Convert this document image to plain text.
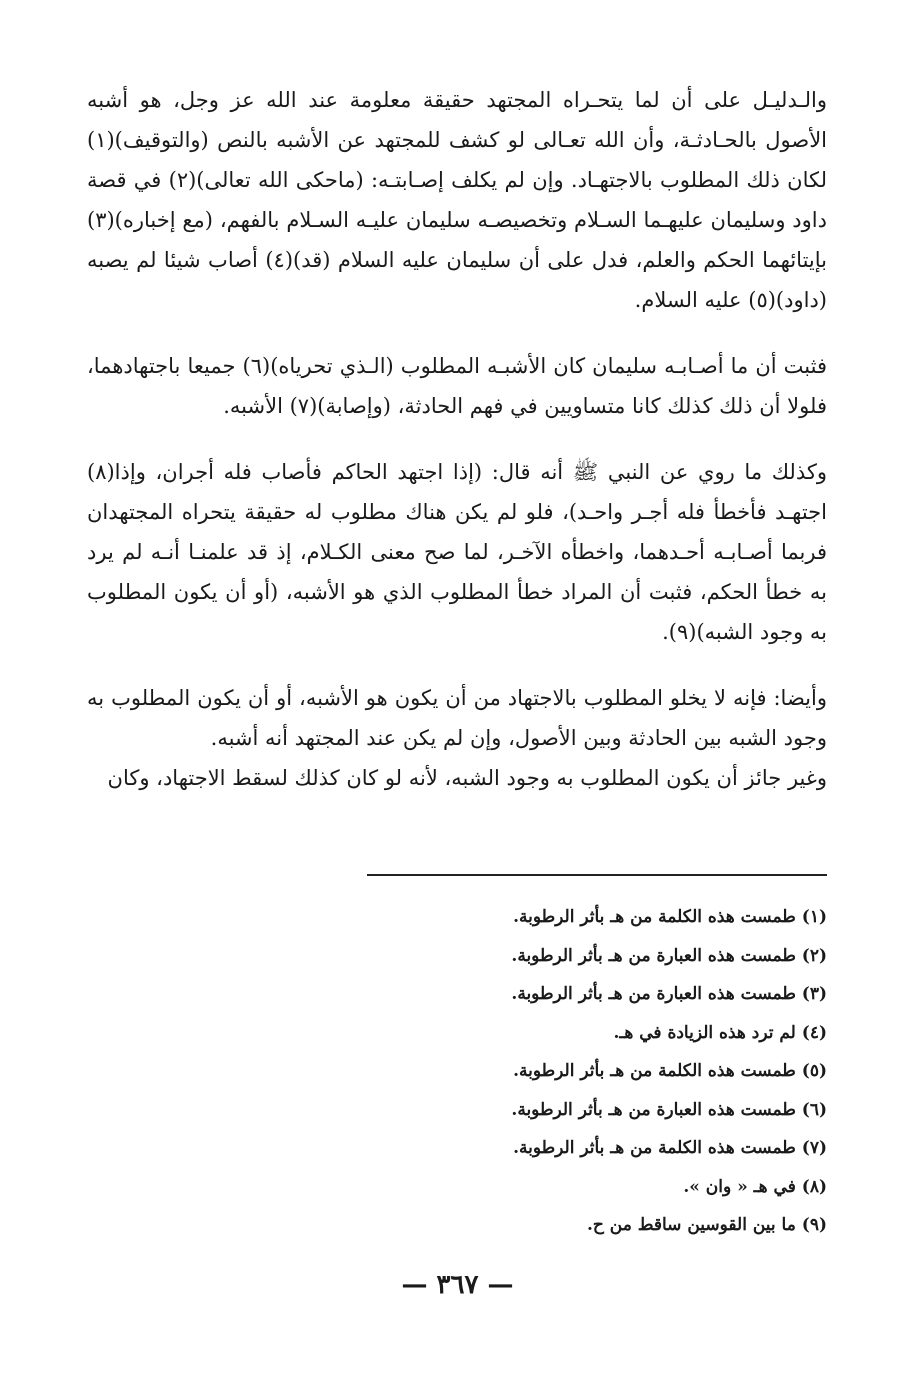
والـدليـل على أن لما يتحـراه المجتهد حقيقة معلومة عند الله عز وجل، هو أشبه الأصول بالحـادثـة، وأن الله تعـالى لو كشف للمجتهد عن الأشبه بالنص (والتوقيف)(١) لكان ذلك المطلوب بالاجتهـاد. وإن لم يكلف إصـابتـه: (ماحكى الله تعالى)(٢) في قصة داود وسليمان عليهـما السـلام وتخصيصـه سليمان عليـه السـلام بالفهم، (مع إخباره)(٣) بإيتائهما الحكم والعلم، فدل على أن سليمان عليه السلام (قد)(٤) أصاب شيئا لم يصبه (داود)(٥) عليه السلام.

فثبت أن ما أصـابـه سليمان كان الأشبـه المطلوب (الـذي تحرياه)(٦) جميعا باجتهادهما، فلولا أن ذلك كذلك كانا متساويين في فهم الحادثة، (وإصابة)(٧) الأشبه.

وكذلك ما روي عن النبي ﷺ أنه قال: (إذا اجتهد الحاكم فأصاب فله أجران، وإذا(٨) اجتهـد فأخطأ فله أجـر واحـد)، فلو لم يكن هناك مطلوب له حقيقة يتحراه المجتهدان فربما أصـابـه أحـدهما، واخطأه الآخـر، لما صح معنى الكـلام، إذ قد علمنـا أنـه لم يرد به خطأ الحكم، فثبت أن المراد خطأ المطلوب الذي هو الأشبه، (أو أن يكون المطلوب به وجود الشبه)(٩).

وأيضا: فإنه لا يخلو المطلوب بالاجتهاد من أن يكون هو الأشبه، أو أن يكون المطلوب به وجود الشبه بين الحادثة وبين الأصول، وإن لم يكن عند المجتهد أنه أشبه.

وغير جائز أن يكون المطلوب به وجود الشبه، لأنه لو كان كذلك لسقط الاجتهاد، وكان

(١) طمست هذه الكلمة من هـ بأثر الرطوبة.
(٢) طمست هذه العبارة من هـ بأثر الرطوبة.
(٣) طمست هذه العبارة من هـ بأثر الرطوبة.
(٤) لم ترد هذه الزيادة في هـ.
(٥) طمست هذه الكلمة من هـ بأثر الرطوبة.
(٦) طمست هذه العبارة من هـ بأثر الرطوبة.
(٧) طمست هذه الكلمة من هـ بأثر الرطوبة.
(٨) في هـ « وان ».
(٩) ما بين القوسين ساقط من ح.
— ٣٦٧ —
